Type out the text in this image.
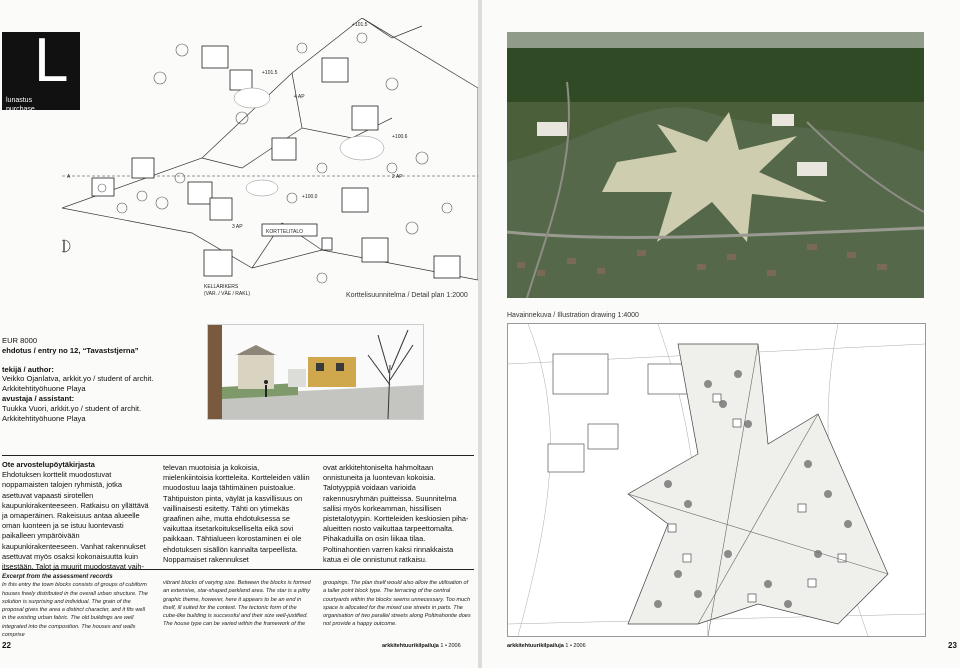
L
lunastus
purchase
A
KORTTELITALO
KELLARIKERS
(VAR. / VÄE / RAKL)
+101.5
+101.5
+100.6
+100.0
2 AP
4 AP
3 AP
Korttelisuunnitelma / Detail plan 1:2000
Havainnekuva / Illustration drawing 1:4000
EUR 8000
ehdotus / entry no 12, “Tavaststjerna”
tekijä / author:
Veikko Ojanlatva, arkkit.yo / student of archit.
Arkkitehtityöhuone Playa
avustaja / assistant:
Tuukka Vuori, arkkit.yo / student of archit.
Arkkitehtityöhuone Playa
Ote arvostelupöytäkirjasta
Ehdotuksen korttelit muodostuvat noppamaisten talojen ryhmistä, jotka asettuvat vapaasti sirotellen kaupunkirakenteeseen. Ratkaisu on yllättävä ja omaperäinen. Rakeisuus antaa alueelle oman luonteen ja se istuu luontevasti paikalleen ympäröivään kaupunkirakenteeseen. Vanhat rakennukset asettuvat myös osaksi kokonaisuutta kuin itsestään. Talot ja muurit muodostavat vaih-
televan muotoisia ja kokoisia, mielenkiintoisia kortteleita. Kortteleiden väliin muodostuu laaja tähtimäinen puistoalue. Tähtipuiston pinta, väylät ja kasvillisuus on vaillinaisesti esitetty. Tähti on ytimekäs graafinen aihe, mutta ehdotuksessa se vaikuttaa itsetarkoitukselliselta eikä sovi paikkaan. Tähtialueen korostaminen ei ole ehdotuksen sisällön kannalta tarpeellista. Noppamaiset rakennukset
ovat arkkitehtoniselta hahmoltaan onnistuneita ja luontevan kokoisia. Talotyyppiä voidaan varioida rakennusryhmän puitteissa. Suunnitelma sallisi myös korkeamman, hissillisen pistetalotyypin. Kortteleiden keskiosien piha-alueitten nosto vaikuttaa tarpeettomalta. Pihakaduilla on osin liikaa tilaa. Poltinahontien varren kaksi rinnakkaista katua ei ole onnistunut ratkaisu.
Excerpt from the assessment records
In this entry the town blocks consists of groups of cubiform houses freely distributed in the overall urban structure. The solution is surprising and individual. The grain of the proposal gives the area a distinct character, and it fits well in the existing urban fabric. The old buildings are well integrated into the composition. The houses and walls comprise
vibrant blocks of varying size. Between the blocks is formed an extensive, star-shaped parkland area. The star is a pithy graphic theme, however, here it appears to be an end in itself, ill suited for the context. The tectonic form of the cube-like building is successful and their size well-justified. The house type can be varied within the framework of the
groupings. The plan itself would also allow the utilisation of a taller point block type. The terracing of the central courtyards within the blocks seems unnecessary. Too much space is allocated for the mixed use streets in parts. The organisation of two parallel streets along Poltinahontie does not provide a happy outcome.
22	arkkitehtuurikilpailuja 1 • 2006	arkkitehtuurikilpailuja 1 • 2006	23
